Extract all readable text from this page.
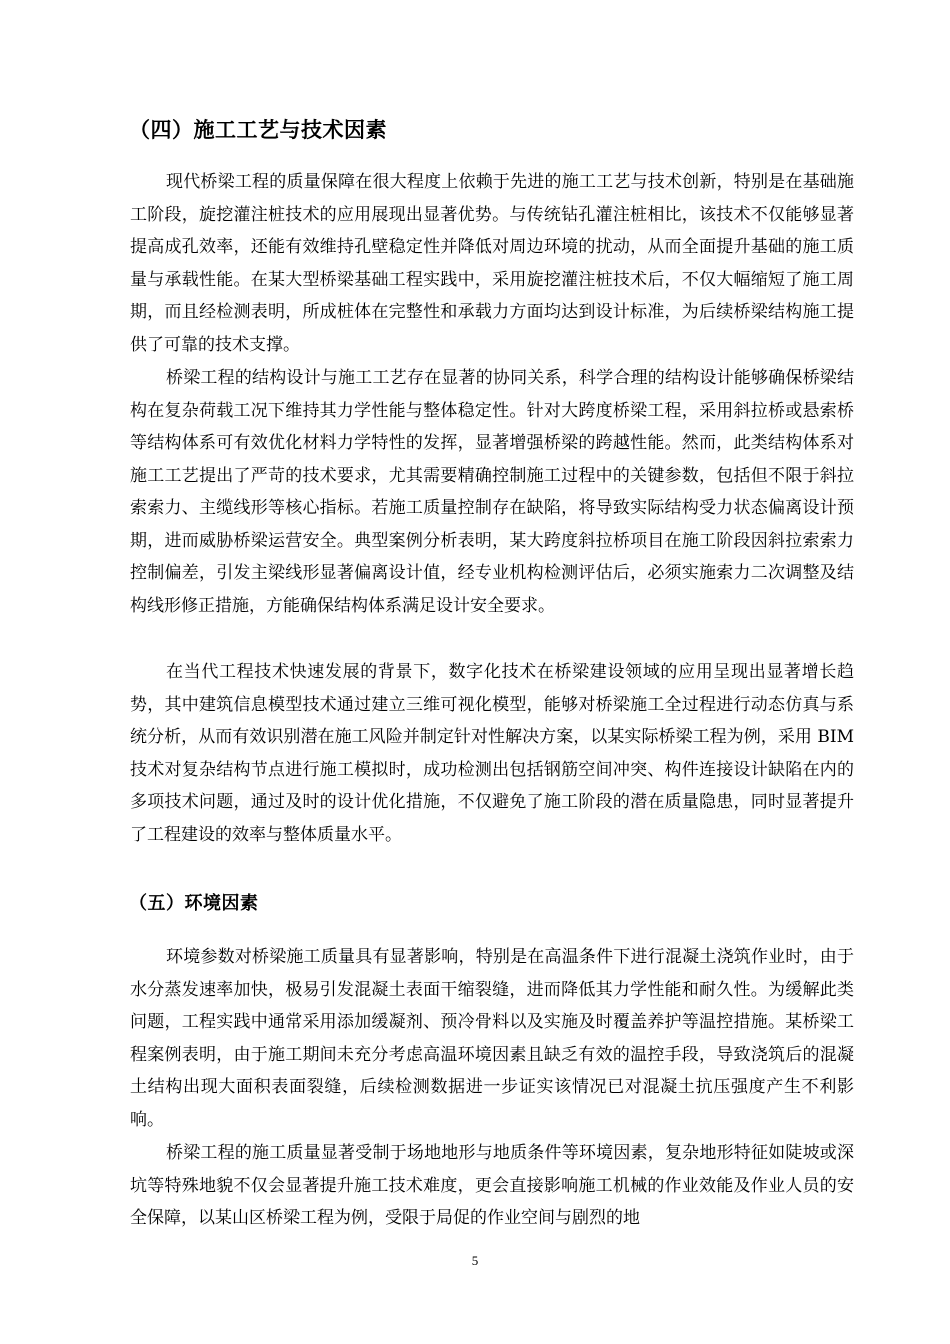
（四）施工工艺与技术因素

现代桥梁工程的质量保障在很大程度上依赖于先进的施工工艺与技术创新，特别是在基础施工阶段，旋挖灌注桩技术的应用展现出显著优势。与传统钻孔灌注桩相比，该技术不仅能够显著提高成孔效率，还能有效维持孔壁稳定性并降低对周边环境的扰动，从而全面提升基础的施工质量与承载性能。在某大型桥梁基础工程实践中，采用旋挖灌注桩技术后，不仅大幅缩短了施工周期，而且经检测表明，所成桩体在完整性和承载力方面均达到设计标准，为后续桥梁结构施工提供了可靠的技术支撑。

桥梁工程的结构设计与施工工艺存在显著的协同关系，科学合理的结构设计能够确保桥梁结构在复杂荷载工况下维持其力学性能与整体稳定性。针对大跨度桥梁工程，采用斜拉桥或悬索桥等结构体系可有效优化材料力学特性的发挥，显著增强桥梁的跨越性能。然而，此类结构体系对施工工艺提出了严苛的技术要求，尤其需要精确控制施工过程中的关键参数，包括但不限于斜拉索索力、主缆线形等核心指标。若施工质量控制存在缺陷，将导致实际结构受力状态偏离设计预期，进而威胁桥梁运营安全。典型案例分析表明，某大跨度斜拉桥项目在施工阶段因斜拉索索力控制偏差，引发主梁线形显著偏离设计值，经专业机构检测评估后，必须实施索力二次调整及结构线形修正措施，方能确保结构体系满足设计安全要求。

在当代工程技术快速发展的背景下，数字化技术在桥梁建设领域的应用呈现出显著增长趋势，其中建筑信息模型技术通过建立三维可视化模型，能够对桥梁施工全过程进行动态仿真与系统分析，从而有效识别潜在施工风险并制定针对性解决方案，以某实际桥梁工程为例，采用 BIM 技术对复杂结构节点进行施工模拟时，成功检测出包括钢筋空间冲突、构件连接设计缺陷在内的多项技术问题，通过及时的设计优化措施，不仅避免了施工阶段的潜在质量隐患，同时显著提升了工程建设的效率与整体质量水平。

（五）环境因素

环境参数对桥梁施工质量具有显著影响，特别是在高温条件下进行混凝土浇筑作业时，由于水分蒸发速率加快，极易引发混凝土表面干缩裂缝，进而降低其力学性能和耐久性。为缓解此类问题，工程实践中通常采用添加缓凝剂、预冷骨料以及实施及时覆盖养护等温控措施。某桥梁工程案例表明，由于施工期间未充分考虑高温环境因素且缺乏有效的温控手段，导致浇筑后的混凝土结构出现大面积表面裂缝，后续检测数据进一步证实该情况已对混凝土抗压强度产生不利影响。

桥梁工程的施工质量显著受制于场地地形与地质条件等环境因素，复杂地形特征如陡坡或深坑等特殊地貌不仅会显著提升施工技术难度，更会直接影响施工机械的作业效能及作业人员的安全保障，以某山区桥梁工程为例，受限于局促的作业空间与剧烈的地

5
